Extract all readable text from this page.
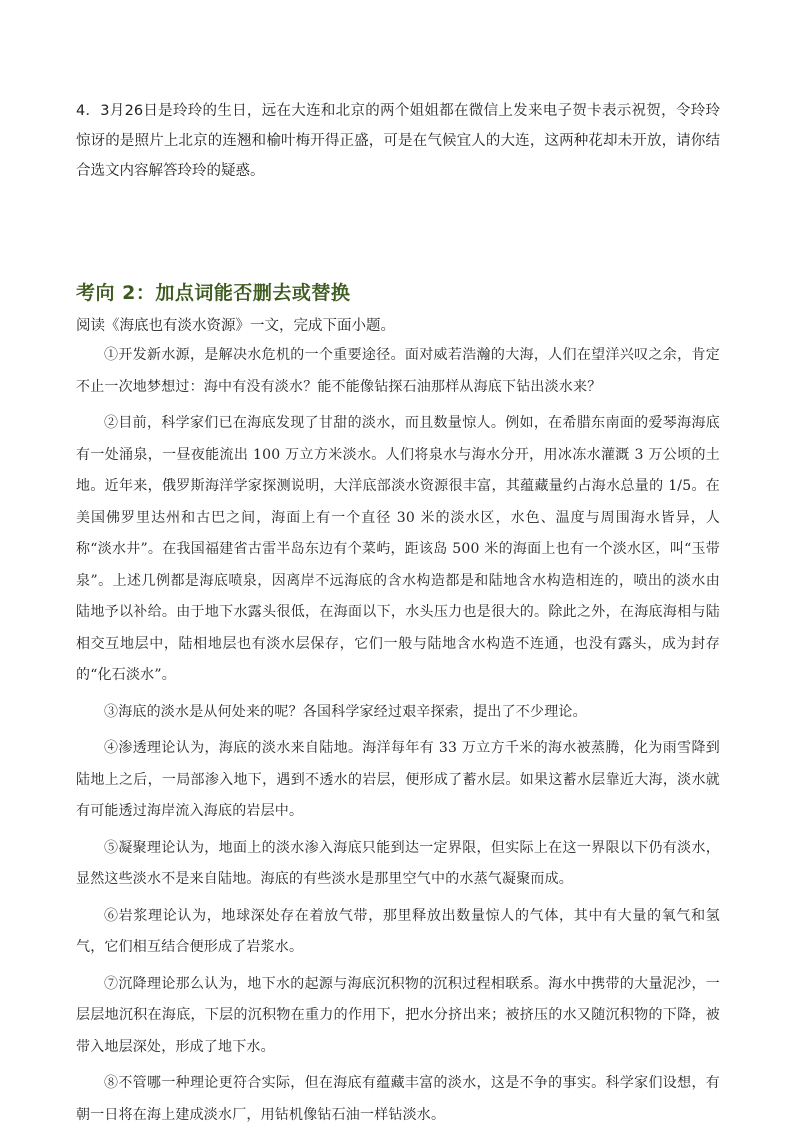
4．3月26日是玲玲的生日，远在大连和北京的两个姐姐都在微信上发来电子贺卡表示祝贺，令玲玲惊讶的是照片上北京的连翘和榆叶梅开得正盛，可是在气候宜人的大连，这两种花却未开放，请你结合选文内容解答玲玲的疑惑。
考向 2：加点词能否删去或替换
阅读《海底也有淡水资源》一文，完成下面小题。

①开发新水源，是解决水危机的一个重要途径。面对威若浩瀚的大海，人们在望洋兴叹之余，肯定不止一次地梦想过：海中有没有淡水？能不能像钻探石油那样从海底下钻出淡水来？

②目前，科学家们已在海底发现了甘甜的淡水，而且数量惊人。例如，在希腊东南面的爱琴海海底有一处涌泉，一昼夜能流出 100 万立方米淡水。人们将泉水与海水分开，用冰冻水灌溉 3 万公顷的土地。近年来，俄罗斯海洋学家探测说明，大洋底部淡水资源很丰富，其蕴藏量约占海水总量的 1/5。在美国佛罗里达州和古巴之间，海面上有一个直径 30 米的淡水区，水色、温度与周围海水皆异，人称“淡水井”。在我国福建省古雷半岛东边有个菜屿，距该岛 500 米的海面上也有一个淡水区，叫“玉带泉”。上述几例都是海底喷泉，因离岸不远海底的含水构造都是和陆地含水构造相连的，喷出的淡水由陆地予以补给。由于地下水露头很低，在海面以下，水头压力也是很大的。除此之外，在海底海相与陆相交互地层中，陆相地层也有淡水层保存，它们一般与陆地含水构造不连通，也没有露头，成为封存的“化石淡水”。

③海底的淡水是从何处来的呢？各国科学家经过艰辛探索，提出了不少理论。

④渗透理论认为，海底的淡水来自陆地。海洋每年有 33 万立方千米的海水被蒸腾，化为雨雪降到陆地上之后，一局部渗入地下，遇到不透水的岩层，便形成了蓄水层。如果这蓄水层靠近大海，淡水就有可能透过海岸流入海底的岩层中。

⑤凝聚理论认为，地面上的淡水渗入海底只能到达一定界限，但实际上在这一界限以下仍有淡水，显然这些淡水不是来自陆地。海底的有些淡水是那里空气中的水蒸气凝聚而成。

⑥岩浆理论认为，地球深处存在着放气带，那里释放出数量惊人的气体，其中有大量的氧气和氢气，它们相互结合便形成了岩浆水。

⑦沉降理论那么认为，地下水的起源与海底沉积物的沉积过程相联系。海水中携带的大量泥沙，一层层地沉积在海底，下层的沉积物在重力的作用下，把水分挤出来；被挤压的水又随沉积物的下降，被带入地层深处，形成了地下水。

⑧不管哪一种理论更符合实际，但在海底有蕴藏丰富的淡水，这是不争的事实。科学家们设想，有朝一日将在海上建成淡水厂，用钻机像钻石油一样钻淡水。
